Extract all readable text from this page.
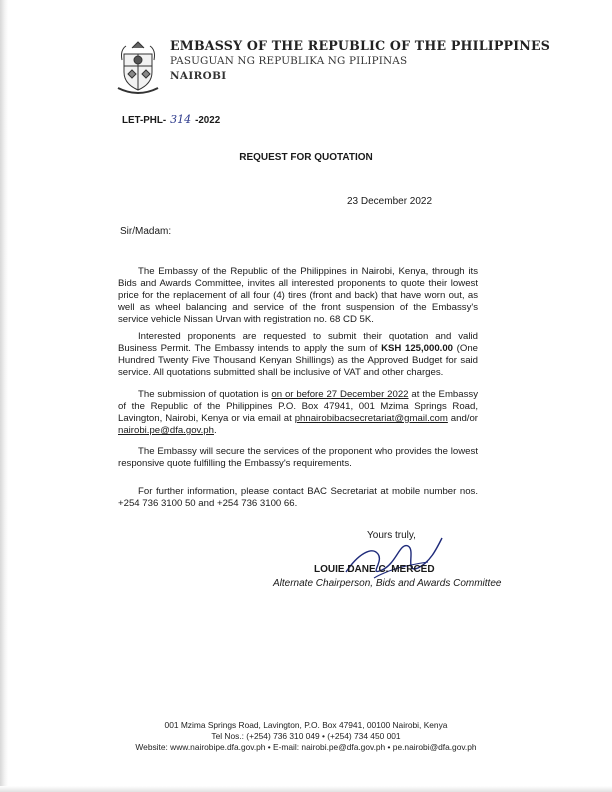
EMBASSY OF THE REPUBLIC OF THE PHILIPPINES
PASUGUAN NG REPUBLIKA NG PILIPINAS
NAIROBI
LET-PHL- 314 -2022
REQUEST FOR QUOTATION
23 December 2022
Sir/Madam:
The Embassy of the Republic of the Philippines in Nairobi, Kenya, through its Bids and Awards Committee, invites all interested proponents to quote their lowest price for the replacement of all four (4) tires (front and back) that have worn out, as well as wheel balancing and service of the front suspension of the Embassy's service vehicle Nissan Urvan with registration no. 68 CD 5K.
Interested proponents are requested to submit their quotation and valid Business Permit. The Embassy intends to apply the sum of KSH 125,000.00 (One Hundred Twenty Five Thousand Kenyan Shillings) as the Approved Budget for said service. All quotations submitted shall be inclusive of VAT and other charges.
The submission of quotation is on or before 27 December 2022 at the Embassy of the Republic of the Philippines P.O. Box 47941, 001 Mzima Springs Road, Lavington, Nairobi, Kenya or via email at phnairobibacsecretariat@gmail.com and/or nairobi.pe@dfa.gov.ph.
The Embassy will secure the services of the proponent who provides the lowest responsive quote fulfilling the Embassy's requirements.
For further information, please contact BAC Secretariat at mobile number nos. +254 736 3100 50 and +254 736 3100 66.
Yours truly,
LOUIE DANE C. MERCED
Alternate Chairperson, Bids and Awards Committee
001 Mzima Springs Road, Lavington, P.O. Box 47941, 00100 Nairobi, Kenya
Tel Nos.: (+254) 736 310 049 • (+254) 734 450 001
Website: www.nairobipe.dfa.gov.ph • E-mail: nairobi.pe@dfa.gov.ph • pe.nairobi@dfa.gov.ph
